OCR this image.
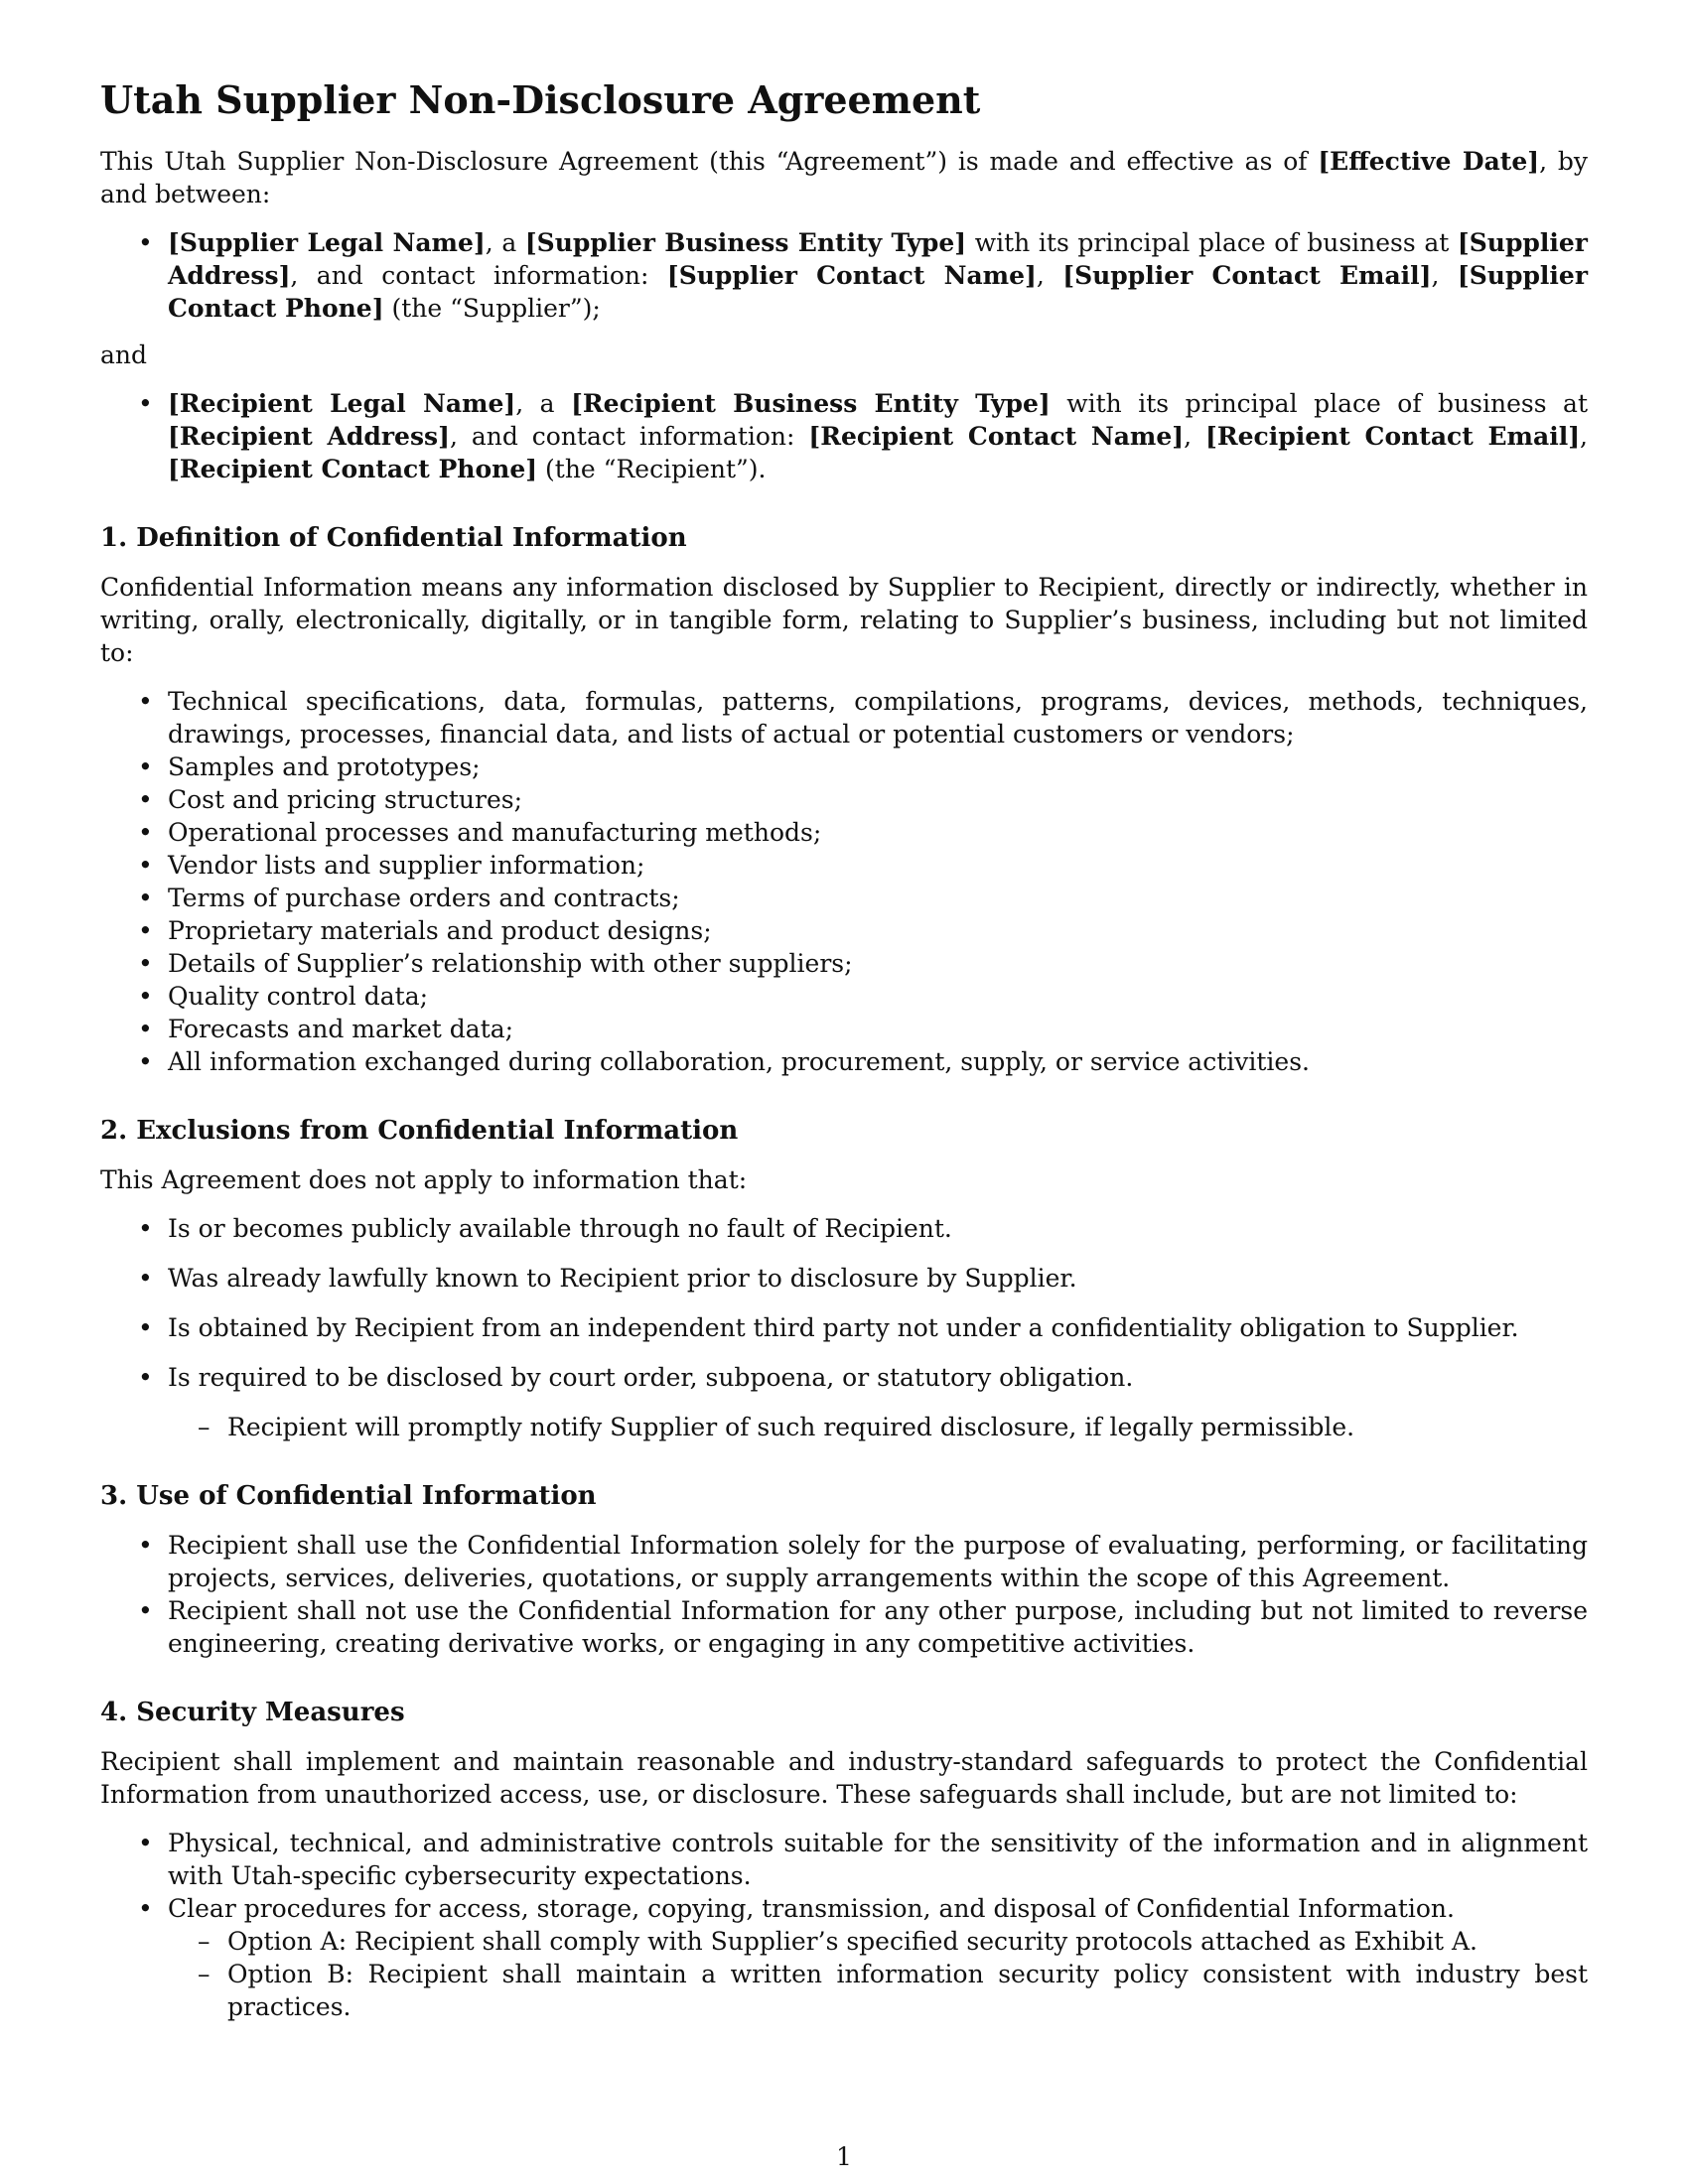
Utah Supplier Non-Disclosure Agreement

This Utah Supplier Non-Disclosure Agreement (this “Agreement”) is made and effective as of [Effective Date], by and between:

• [Supplier Legal Name], a [Supplier Business Entity Type] with its principal place of business at [Supplier Address], and contact information: [Supplier Contact Name], [Supplier Contact Email], [Supplier Contact Phone] (the “Supplier”);

and

• [Recipient Legal Name], a [Recipient Business Entity Type] with its principal place of business at [Recipient Address], and contact information: [Recipient Contact Name], [Recipient Contact Email], [Recipient Contact Phone] (the “Recipient”).
1. Definition of Confidential Information

Confidential Information means any information disclosed by Supplier to Recipient, directly or indirectly, whether in writing, orally, electronically, digitally, or in tangible form, relating to Supplier’s business, including but not limited to:

• Technical specifications, data, formulas, patterns, compilations, programs, devices, methods, techniques, drawings, processes, financial data, and lists of actual or potential customers or vendors;
• Samples and prototypes;
• Cost and pricing structures;
• Operational processes and manufacturing methods;
• Vendor lists and supplier information;
• Terms of purchase orders and contracts;
• Proprietary materials and product designs;
• Details of Supplier’s relationship with other suppliers;
• Quality control data;
• Forecasts and market data;
• All information exchanged during collaboration, procurement, supply, or service activities.
2. Exclusions from Confidential Information

This Agreement does not apply to information that:

• Is or becomes publicly available through no fault of Recipient.
• Was already lawfully known to Recipient prior to disclosure by Supplier.
• Is obtained by Recipient from an independent third party not under a confidentiality obligation to Supplier.
• Is required to be disclosed by court order, subpoena, or statutory obligation.
– Recipient will promptly notify Supplier of such required disclosure, if legally permissible.
3. Use of Confidential Information
• Recipient shall use the Confidential Information solely for the purpose of evaluating, performing, or facilitating projects, services, deliveries, quotations, or supply arrangements within the scope of this Agreement.
• Recipient shall not use the Confidential Information for any other purpose, including but not limited to reverse engineering, creating derivative works, or engaging in any competitive activities.
4. Security Measures

Recipient shall implement and maintain reasonable and industry-standard safeguards to protect the Confidential Information from unauthorized access, use, or disclosure. These safeguards shall include, but are not limited to:

• Physical, technical, and administrative controls suitable for the sensitivity of the information and in alignment with Utah-specific cybersecurity expectations.
• Clear procedures for access, storage, copying, transmission, and disposal of Confidential Information.
– Option A: Recipient shall comply with Supplier’s specified security protocols attached as Exhibit A.
– Option B: Recipient shall maintain a written information security policy consistent with industry best practices.
1
